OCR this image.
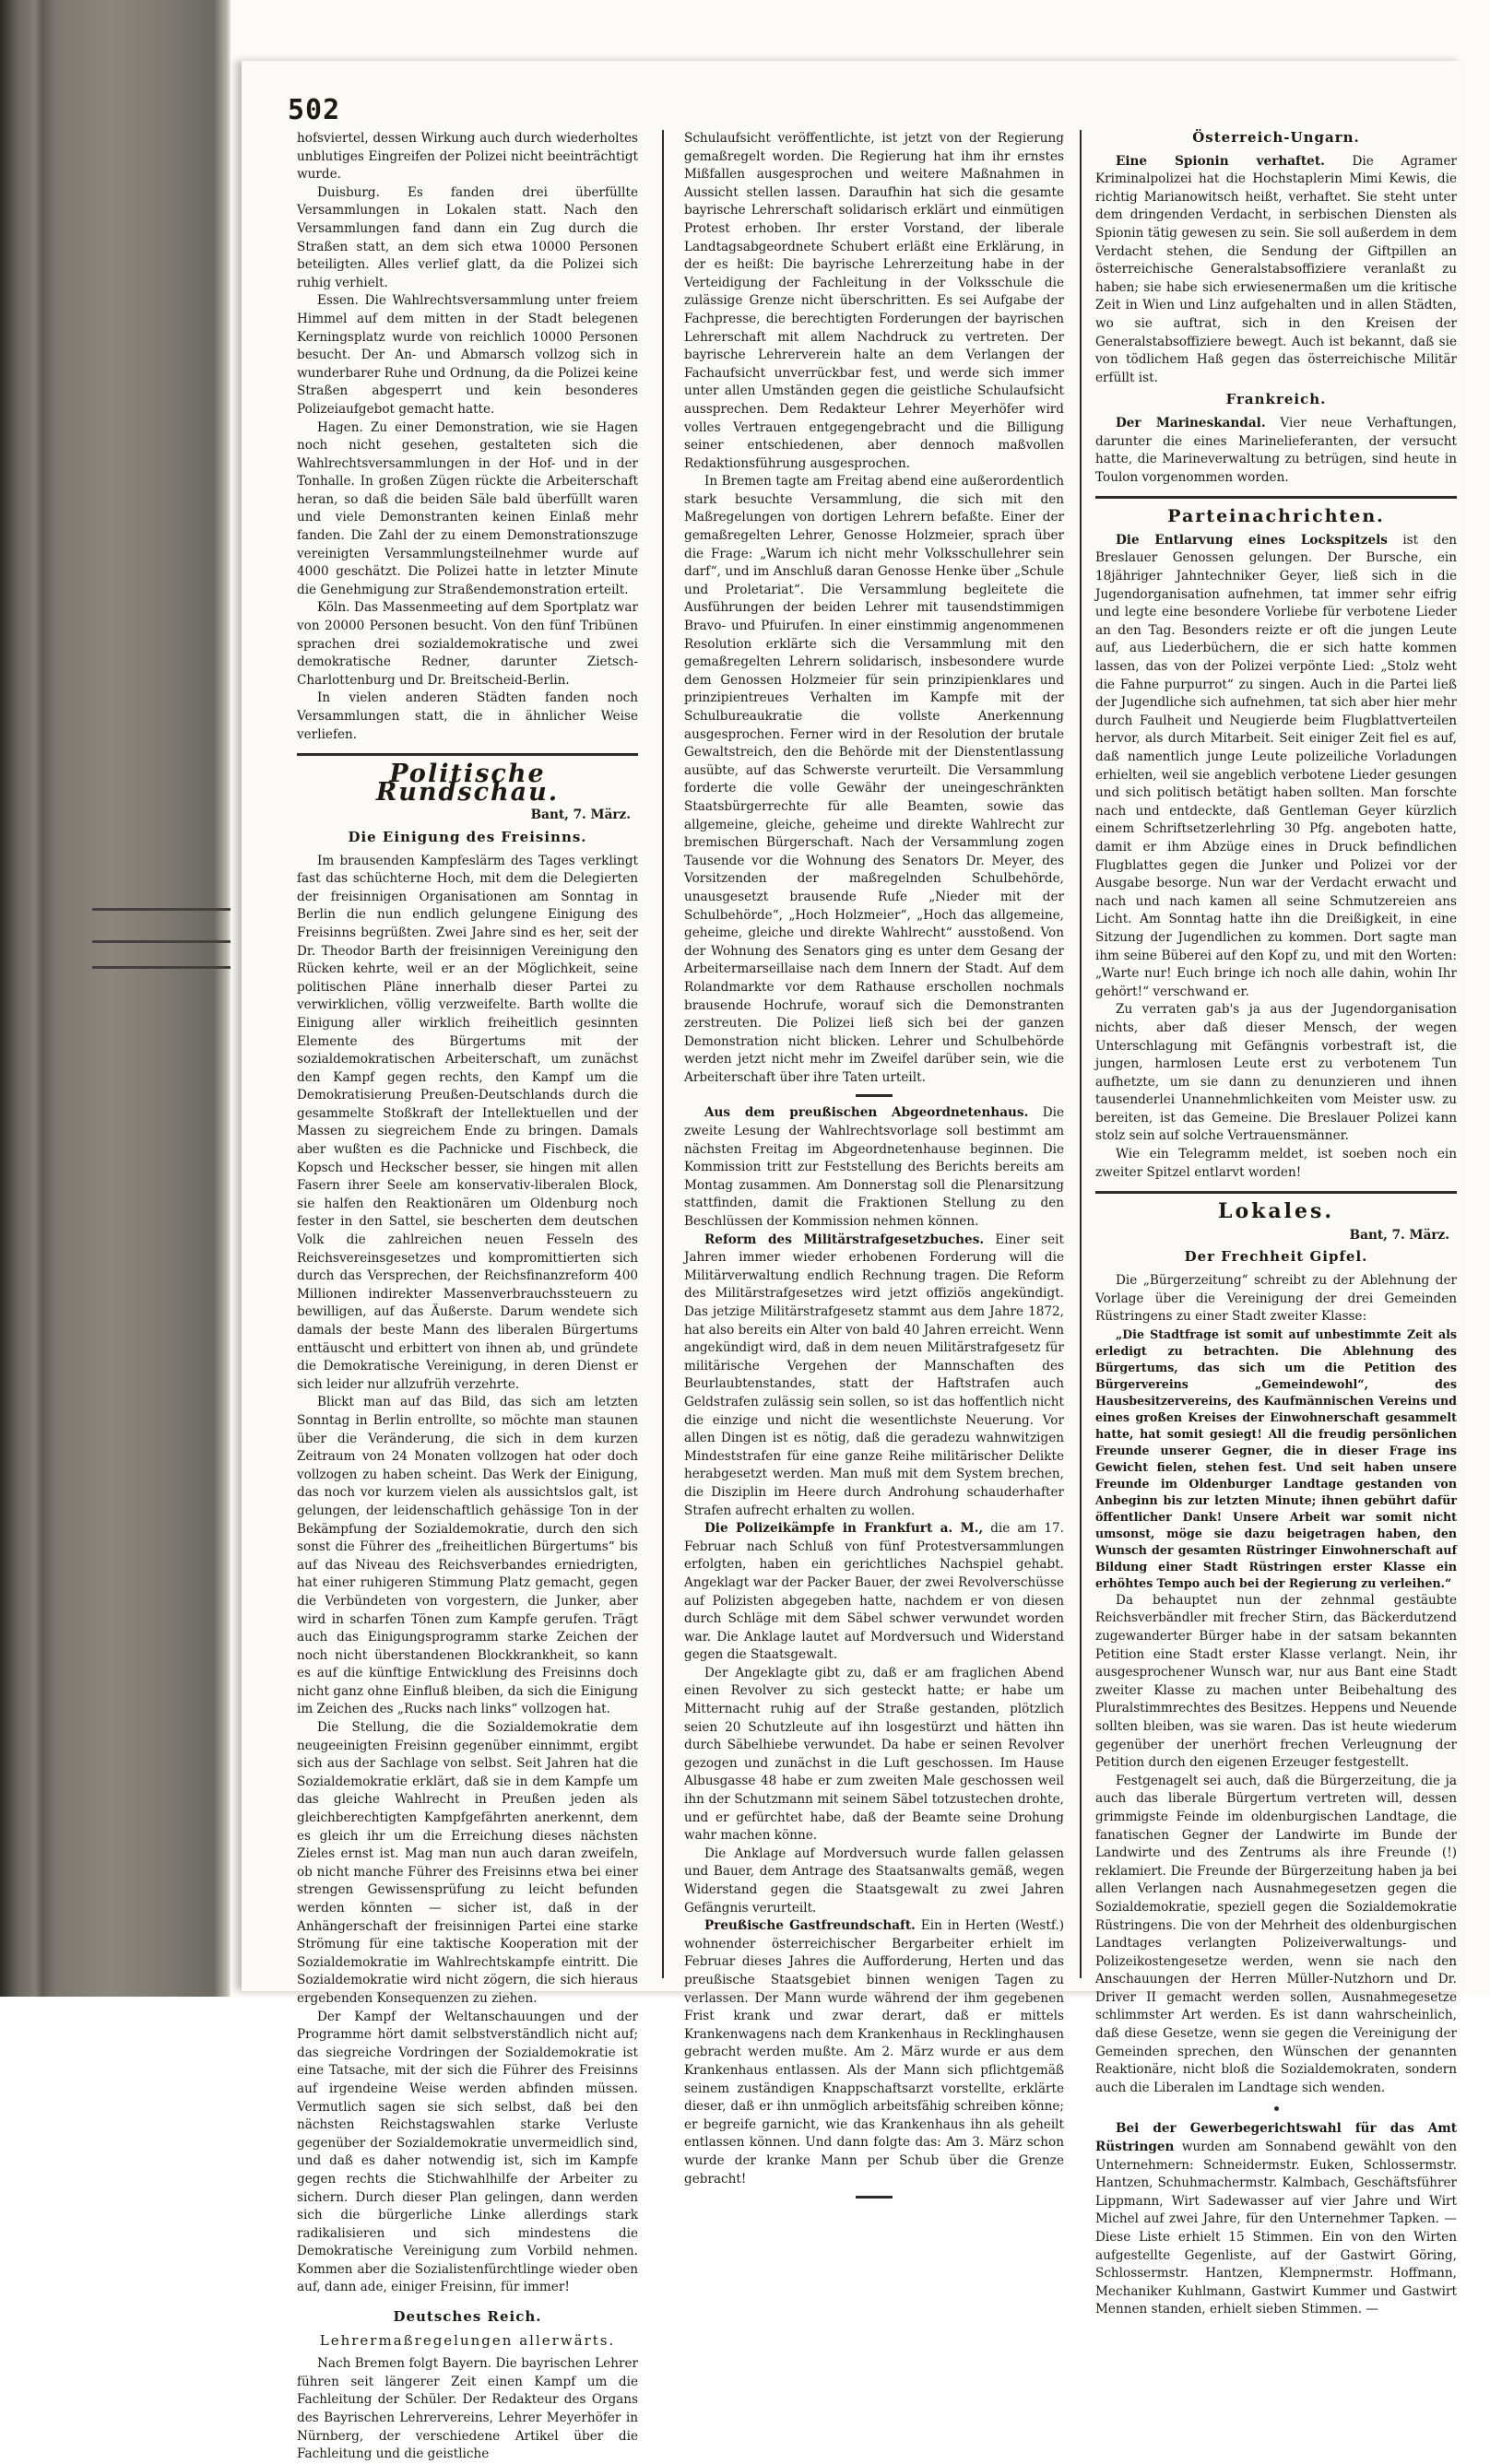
502

hofsviertel, dessen Wirkung auch durch wiederholtes unblutiges Eingreifen der Polizei nicht beeinträchtigt wurde.

Duisburg. Es fanden drei überfüllte Versammlungen in Lokalen statt. Nach den Versammlungen fand dann ein Zug durch die Straßen statt, an dem sich etwa 10000 Personen beteiligten. Alles verlief glatt, da die Polizei sich ruhig verhielt.

Essen. Die Wahlrechtsversammlung unter freiem Himmel auf dem mitten in der Stadt belegenen Kerningsplatz wurde von reichlich 10000 Personen besucht. Der An- und Abmarsch vollzog sich in wunderbarer Ruhe und Ordnung, da die Polizei keine Straßen abgesperrt und kein besonderes Polizeiaufgebot gemacht hatte.

Hagen. Zu einer Demonstration, wie sie Hagen noch nicht gesehen, gestalteten sich die Wahlrechtsversammlungen in der Hof- und in der Tonhalle. In großen Zügen rückte die Arbeiterschaft heran, so daß die beiden Säle bald überfüllt waren und viele Demonstranten keinen Einlaß mehr fanden. Die Zahl der zu einem Demonstrationszuge vereinigten Versammlungsteilnehmer wurde auf 4000 geschätzt. Die Polizei hatte in letzter Minute die Genehmigung zur Straßendemonstration erteilt.

Köln. Das Massenmeeting auf dem Sportplatz war von 20000 Personen besucht. Von den fünf Tribünen sprachen drei sozialdemokratische und zwei demokratische Redner, darunter Zietsch-Charlottenburg und Dr. Breitscheid-Berlin.

In vielen anderen Städten fanden noch Versammlungen statt, die in ähnlicher Weise verliefen.

Politische Rundschau.
Bant, 7. März.
Die Einigung des Freisinns.

Im brausenden Kampfeslärm des Tages verklingt fast das schüchterne Hoch, mit dem die Delegierten der freisinnigen Organisationen am Sonntag in Berlin die nun endlich gelungene Einigung des Freisinns begrüßten. Zwei Jahre sind es her, seit der Dr. Theodor Barth der freisinnigen Vereinigung den Rücken kehrte, weil er an der Möglichkeit, seine politischen Pläne innerhalb dieser Partei zu verwirklichen, völlig verzweifelte. Barth wollte die Einigung aller wirklich freiheitlich gesinnten Elemente des Bürgertums mit der sozialdemokratischen Arbeiterschaft, um zunächst den Kampf gegen rechts, den Kampf um die Demokratisierung Preußen-Deutschlands durch die gesammelte Stoßkraft der Intellektuellen und der Massen zu siegreichem Ende zu bringen. Damals aber wußten es die Pachnicke und Fischbeck, die Kopsch und Heckscher besser, sie hingen mit allen Fasern ihrer Seele am konservativ-liberalen Block, sie halfen den Reaktionären um Oldenburg noch fester in den Sattel, sie bescherten dem deutschen Volk die zahlreichen neuen Fesseln des Reichsvereinsgesetzes und kompromittierten sich durch das Versprechen, der Reichsfinanzreform 400 Millionen indirekter Massenverbrauchssteuern zu bewilligen, auf das Äußerste. Darum wendete sich damals der beste Mann des liberalen Bürgertums enttäuscht und erbittert von ihnen ab, und gründete die Demokratische Vereinigung, in deren Dienst er sich leider nur allzufrüh verzehrte.

Blickt man auf das Bild, das sich am letzten Sonntag in Berlin entrollte, so möchte man staunen über die Veränderung, die sich in dem kurzen Zeitraum von 24 Monaten vollzogen hat oder doch vollzogen zu haben scheint. Das Werk der Einigung, das noch vor kurzem vielen als aussichtslos galt, ist gelungen, der leidenschaftlich gehässige Ton in der Bekämpfung der Sozialdemokratie, durch den sich sonst die Führer des „freiheitlichen Bürgertums“ bis auf das Niveau des Reichsverbandes erniedrigten, hat einer ruhigeren Stimmung Platz gemacht, gegen die Verbündeten von vorgestern, die Junker, aber wird in scharfen Tönen zum Kampfe gerufen. Trägt auch das Einigungsprogramm starke Zeichen der noch nicht überstandenen Blockkrankheit, so kann es auf die künftige Entwicklung des Freisinns doch nicht ganz ohne Einfluß bleiben, da sich die Einigung im Zeichen des „Rucks nach links“ vollzogen hat.

Die Stellung, die die Sozialdemokratie dem neugeeinigten Freisinn gegenüber einnimmt, ergibt sich aus der Sachlage von selbst. Seit Jahren hat die Sozialdemokratie erklärt, daß sie in dem Kampfe um das gleiche Wahlrecht in Preußen jeden als gleichberechtigten Kampfgefährten anerkennt, dem es gleich ihr um die Erreichung dieses nächsten Zieles ernst ist. Mag man nun auch daran zweifeln, ob nicht manche Führer des Freisinns etwa bei einer strengen Gewissensprüfung zu leicht befunden werden könnten — sicher ist, daß in der Anhängerschaft der freisinnigen Partei eine starke Strömung für eine taktische Kooperation mit der Sozialdemokratie im Wahlrechtskampfe eintritt. Die Sozialdemokratie wird nicht zögern, die sich hieraus ergebenden Konsequenzen zu ziehen.

Der Kampf der Weltanschauungen und der Programme hört damit selbstverständlich nicht auf; das siegreiche Vordringen der Sozialdemokratie ist eine Tatsache, mit der sich die Führer des Freisinns auf irgendeine Weise werden abfinden müssen. Vermutlich sagen sie sich selbst, daß bei den nächsten Reichstagswahlen starke Verluste gegenüber der Sozialdemokratie unvermeidlich sind, und daß es daher notwendig ist, sich im Kampfe gegen rechts die Stichwahlhilfe der Arbeiter zu sichern. Durch dieser Plan gelingen, dann werden sich die bürgerliche Linke allerdings stark radikalisieren und sich mindestens die Demokratische Vereinigung zum Vorbild nehmen. Kommen aber die Sozialistenfürchtlinge wieder oben auf, dann ade, einiger Freisinn, für immer!

Deutsches Reich.
Lehrermaßregelungen allerwärts.

Nach Bremen folgt Bayern. Die bayrischen Lehrer führen seit längerer Zeit einen Kampf um die Fachleitung der Schüler. Der Redakteur des Organs des Bayrischen Lehrervereins, Lehrer Meyerhöfer in Nürnberg, der verschiedene Artikel über die Fachleitung und die geistliche

Schulaufsicht veröffentlichte, ist jetzt von der Regierung gemaßregelt worden. Die Regierung hat ihm ihr ernstes Mißfallen ausgesprochen und weitere Maßnahmen in Aussicht stellen lassen. Daraufhin hat sich die gesamte bayrische Lehrerschaft solidarisch erklärt und einmütigen Protest erhoben. Ihr erster Vorstand, der liberale Landtagsabgeordnete Schubert erläßt eine Erklärung, in der es heißt: Die bayrische Lehrerzeitung habe in der Verteidigung der Fachleitung in der Volksschule die zulässige Grenze nicht überschritten. Es sei Aufgabe der Fachpresse, die berechtigten Forderungen der bayrischen Lehrerschaft mit allem Nachdruck zu vertreten. Der bayrische Lehrerverein halte an dem Verlangen der Fachaufsicht unverrückbar fest, und werde sich immer unter allen Umständen gegen die geistliche Schulaufsicht aussprechen. Dem Redakteur Lehrer Meyerhöfer wird volles Vertrauen entgegengebracht und die Billigung seiner entschiedenen, aber dennoch maßvollen Redaktionsführung ausgesprochen.

In Bremen tagte am Freitag abend eine außerordentlich stark besuchte Versammlung, die sich mit den Maßregelungen von dortigen Lehrern befaßte. Einer der gemaßregelten Lehrer, Genosse Holzmeier, sprach über die Frage: „Warum ich nicht mehr Volksschullehrer sein darf“, und im Anschluß daran Genosse Henke über „Schule und Proletariat“. Die Versammlung begleitete die Ausführungen der beiden Lehrer mit tausendstimmigen Bravo- und Pfuirufen. In einer einstimmig angenommenen Resolution erklärte sich die Versammlung mit den gemaßregelten Lehrern solidarisch, insbesondere wurde dem Genossen Holzmeier für sein prinzipienklares und prinzipientreues Verhalten im Kampfe mit der Schulbureaukratie die vollste Anerkennung ausgesprochen. Ferner wird in der Resolution der brutale Gewaltstreich, den die Behörde mit der Dienstentlassung ausübte, auf das Schwerste verurteilt. Die Versammlung forderte die volle Gewähr der uneingeschränkten Staatsbürgerrechte für alle Beamten, sowie das allgemeine, gleiche, geheime und direkte Wahlrecht zur bremischen Bürgerschaft. Nach der Versammlung zogen Tausende vor die Wohnung des Senators Dr. Meyer, des Vorsitzenden der maßregelnden Schulbehörde, unausgesetzt brausende Rufe „Nieder mit der Schulbehörde“, „Hoch Holzmeier“, „Hoch das allgemeine, geheime, gleiche und direkte Wahlrecht“ ausstoßend. Von der Wohnung des Senators ging es unter dem Gesang der Arbeitermarseillaise nach dem Innern der Stadt. Auf dem Rolandmarkte vor dem Rathause erschollen nochmals brausende Hochrufe, worauf sich die Demonstranten zerstreuten. Die Polizei ließ sich bei der ganzen Demonstration nicht blicken. Lehrer und Schulbehörde werden jetzt nicht mehr im Zweifel darüber sein, wie die Arbeiterschaft über ihre Taten urteilt.

Aus dem preußischen Abgeordnetenhaus. Die zweite Lesung der Wahlrechtsvorlage soll bestimmt am nächsten Freitag im Abgeordnetenhause beginnen. Die Kommission tritt zur Feststellung des Berichts bereits am Montag zusammen. Am Donnerstag soll die Plenarsitzung stattfinden, damit die Fraktionen Stellung zu den Beschlüssen der Kommission nehmen können.

Reform des Militärstrafgesetzbuches. Einer seit Jahren immer wieder erhobenen Forderung will die Militärverwaltung endlich Rechnung tragen. Die Reform des Militärstrafgesetzes wird jetzt offiziös angekündigt. Das jetzige Militärstrafgesetz stammt aus dem Jahre 1872, hat also bereits ein Alter von bald 40 Jahren erreicht. Wenn angekündigt wird, daß in dem neuen Militärstrafgesetz für militärische Vergehen der Mannschaften des Beurlaubtenstandes, statt der Haftstrafen auch Geldstrafen zulässig sein sollen, so ist das hoffentlich nicht die einzige und nicht die wesentlichste Neuerung. Vor allen Dingen ist es nötig, daß die geradezu wahnwitzigen Mindeststrafen für eine ganze Reihe militärischer Delikte herabgesetzt werden. Man muß mit dem System brechen, die Disziplin im Heere durch Androhung schauderhafter Strafen aufrecht erhalten zu wollen.

Die Polizeikämpfe in Frankfurt a. M., die am 17. Februar nach Schluß von fünf Protestversammlungen erfolgten, haben ein gerichtliches Nachspiel gehabt. Angeklagt war der Packer Bauer, der zwei Revolverschüsse auf Polizisten abgegeben hatte, nachdem er von diesen durch Schläge mit dem Säbel schwer verwundet worden war. Die Anklage lautet auf Mordversuch und Widerstand gegen die Staatsgewalt.

Der Angeklagte gibt zu, daß er am fraglichen Abend einen Revolver zu sich gesteckt hatte; er habe um Mitternacht ruhig auf der Straße gestanden, plötzlich seien 20 Schutzleute auf ihn losgestürzt und hätten ihn durch Säbelhiebe verwundet. Da habe er seinen Revolver gezogen und zunächst in die Luft geschossen. Im Hause Albusgasse 48 habe er zum zweiten Male geschossen weil ihn der Schutzmann mit seinem Säbel totzustechen drohte, und er gefürchtet habe, daß der Beamte seine Drohung wahr machen könne.

Die Anklage auf Mordversuch wurde fallen gelassen und Bauer, dem Antrage des Staatsanwalts gemäß, wegen Widerstand gegen die Staatsgewalt zu zwei Jahren Gefängnis verurteilt.

Preußische Gastfreundschaft. Ein in Herten (Westf.) wohnender österreichischer Bergarbeiter erhielt im Februar dieses Jahres die Aufforderung, Herten und das preußische Staatsgebiet binnen wenigen Tagen zu verlassen. Der Mann wurde während der ihm gegebenen Frist krank und zwar derart, daß er mittels Krankenwagens nach dem Krankenhaus in Recklinghausen gebracht werden mußte. Am 2. März wurde er aus dem Krankenhaus entlassen. Als der Mann sich pflichtgemäß seinem zuständigen Knappschaftsarzt vorstellte, erklärte dieser, daß er ihn unmöglich arbeitsfähig schreiben könne; er begreife garnicht, wie das Krankenhaus ihn als geheilt entlassen können. Und dann folgte das: Am 3. März schon wurde der kranke Mann per Schub über die Grenze gebracht!

Österreich-Ungarn.

Eine Spionin verhaftet. Die Agramer Kriminalpolizei hat die Hochstaplerin Mimi Kewis, die richtig Marianowitsch heißt, verhaftet. Sie steht unter dem dringenden Verdacht, in serbischen Diensten als Spionin tätig gewesen zu sein. Sie soll außerdem in dem Verdacht stehen, die Sendung der Giftpillen an österreichische Generalstabsoffiziere veranlaßt zu haben; sie habe sich erwiesenermaßen um die kritische Zeit in Wien und Linz aufgehalten und in allen Städten, wo sie auftrat, sich in den Kreisen der Generalstabsoffiziere bewegt. Auch ist bekannt, daß sie von tödlichem Haß gegen das österreichische Militär erfüllt ist.

Frankreich.

Der Marineskandal. Vier neue Verhaftungen, darunter die eines Marinelieferanten, der versucht hatte, die Marineverwaltung zu betrügen, sind heute in Toulon vorgenommen worden.

Parteinachrichten.

Die Entlarvung eines Lockspitzels ist den Breslauer Genossen gelungen. Der Bursche, ein 18jähriger Jahntechniker Geyer, ließ sich in die Jugendorganisation aufnehmen, tat immer sehr eifrig und legte eine besondere Vorliebe für verbotene Lieder an den Tag. Besonders reizte er oft die jungen Leute auf, aus Liederbüchern, die er sich hatte kommen lassen, das von der Polizei verpönte Lied: „Stolz weht die Fahne purpurrot“ zu singen. Auch in die Partei ließ der Jugendliche sich aufnehmen, tat sich aber hier mehr durch Faulheit und Neugierde beim Flugblattverteilen hervor, als durch Mitarbeit. Seit einiger Zeit fiel es auf, daß namentlich junge Leute polizeiliche Vorladungen erhielten, weil sie angeblich verbotene Lieder gesungen und sich politisch betätigt haben sollten. Man forschte nach und entdeckte, daß Gentleman Geyer kürzlich einem Schriftsetzerlehrling 30 Pfg. angeboten hatte, damit er ihm Abzüge eines in Druck befindlichen Flugblattes gegen die Junker und Polizei vor der Ausgabe besorge. Nun war der Verdacht erwacht und nach und nach kamen all seine Schmutzereien ans Licht. Am Sonntag hatte ihn die Dreißigkeit, in eine Sitzung der Jugendlichen zu kommen. Dort sagte man ihm seine Büberei auf den Kopf zu, und mit den Worten: „Warte nur! Euch bringe ich noch alle dahin, wohin Ihr gehört!“ verschwand er.

Zu verraten gab's ja aus der Jugendorganisation nichts, aber daß dieser Mensch, der wegen Unterschlagung mit Gefängnis vorbestraft ist, die jungen, harmlosen Leute erst zu verbotenem Tun aufhetzte, um sie dann zu denunzieren und ihnen tausenderlei Unannehmlichkeiten vom Meister usw. zu bereiten, ist das Gemeine. Die Breslauer Polizei kann stolz sein auf solche Vertrauensmänner.

Wie ein Telegramm meldet, ist soeben noch ein zweiter Spitzel entlarvt worden!

Lokales.
Bant, 7. März.
Der Frechheit Gipfel.

Die „Bürgerzeitung“ schreibt zu der Ablehnung der Vorlage über die Vereinigung der drei Gemeinden Rüstringens zu einer Stadt zweiter Klasse:

„Die Stadtfrage ist somit auf unbestimmte Zeit als erledigt zu betrachten. Die Ablehnung des Bürgertums, das sich um die Petition des Bürgervereins „Gemeindewohl“, des Hausbesitzervereins, des Kaufmännischen Vereins und eines großen Kreises der Einwohnerschaft gesammelt hatte, hat somit gesiegt! All die freudig persönlichen Freunde unserer Gegner, die in dieser Frage ins Gewicht fielen, stehen fest. Und seit haben unsere Freunde im Oldenburger Landtage gestanden von Anbeginn bis zur letzten Minute; ihnen gebührt dafür öffentlicher Dank! Unsere Arbeit war somit nicht umsonst, möge sie dazu beigetragen haben, den Wunsch der gesamten Rüstringer Einwohnerschaft auf Bildung einer Stadt Rüstringen erster Klasse ein erhöhtes Tempo auch bei der Regierung zu verleihen.“

Da behauptet nun der zehnmal gestäubte Reichsverbändler mit frecher Stirn, das Bäckerdutzend zugewanderter Bürger habe in der satsam bekannten Petition eine Stadt erster Klasse verlangt. Nein, ihr ausgesprochener Wunsch war, nur aus Bant eine Stadt zweiter Klasse zu machen unter Beibehaltung des Pluralstimmrechtes des Besitzes. Heppens und Neuende sollten bleiben, was sie waren. Das ist heute wiederum gegenüber der unerhört frechen Verleugnung der Petition durch den eigenen Erzeuger festgestellt.

Festgenagelt sei auch, daß die Bürgerzeitung, die ja auch das liberale Bürgertum vertreten will, dessen grimmigste Feinde im oldenburgischen Landtage, die fanatischen Gegner der Landwirte im Bunde der Landwirte und des Zentrums als ihre Freunde (!) reklamiert. Die Freunde der Bürgerzeitung haben ja bei allen Verlangen nach Ausnahmegesetzen gegen die Sozialdemokratie, speziell gegen die Sozialdemokratie Rüstringens. Die von der Mehrheit des oldenburgischen Landtages verlangten Polizeiverwaltungs- und Polizeikostengesetze werden, wenn sie nach den Anschauungen der Herren Müller-Nutzhorn und Dr. Driver II gemacht werden sollen, Ausnahmegesetze schlimmster Art werden. Es ist dann wahrscheinlich, daß diese Gesetze, wenn sie gegen die Vereinigung der Gemeinden sprechen, den Wünschen der genannten Reaktionäre, nicht bloß die Sozialdemokraten, sondern auch die Liberalen im Landtage sich wenden.

Bei der Gewerbegerichtswahl für das Amt Rüstringen wurden am Sonnabend gewählt von den Unternehmern: Schneidermstr. Euken, Schlossermstr. Hantzen, Schuhmachermstr. Kalmbach, Geschäftsführer Lippmann, Wirt Sadewasser auf vier Jahre und Wirt Michel auf zwei Jahre, für den Unternehmer Tapken. — Diese Liste erhielt 15 Stimmen. Ein von den Wirten aufgestellte Gegenliste, auf der Gastwirt Göring, Schlossermstr. Hantzen, Klempnermstr. Hoffmann, Mechaniker Kuhlmann, Gastwirt Kummer und Gastwirt Mennen standen, erhielt sieben Stimmen. —
